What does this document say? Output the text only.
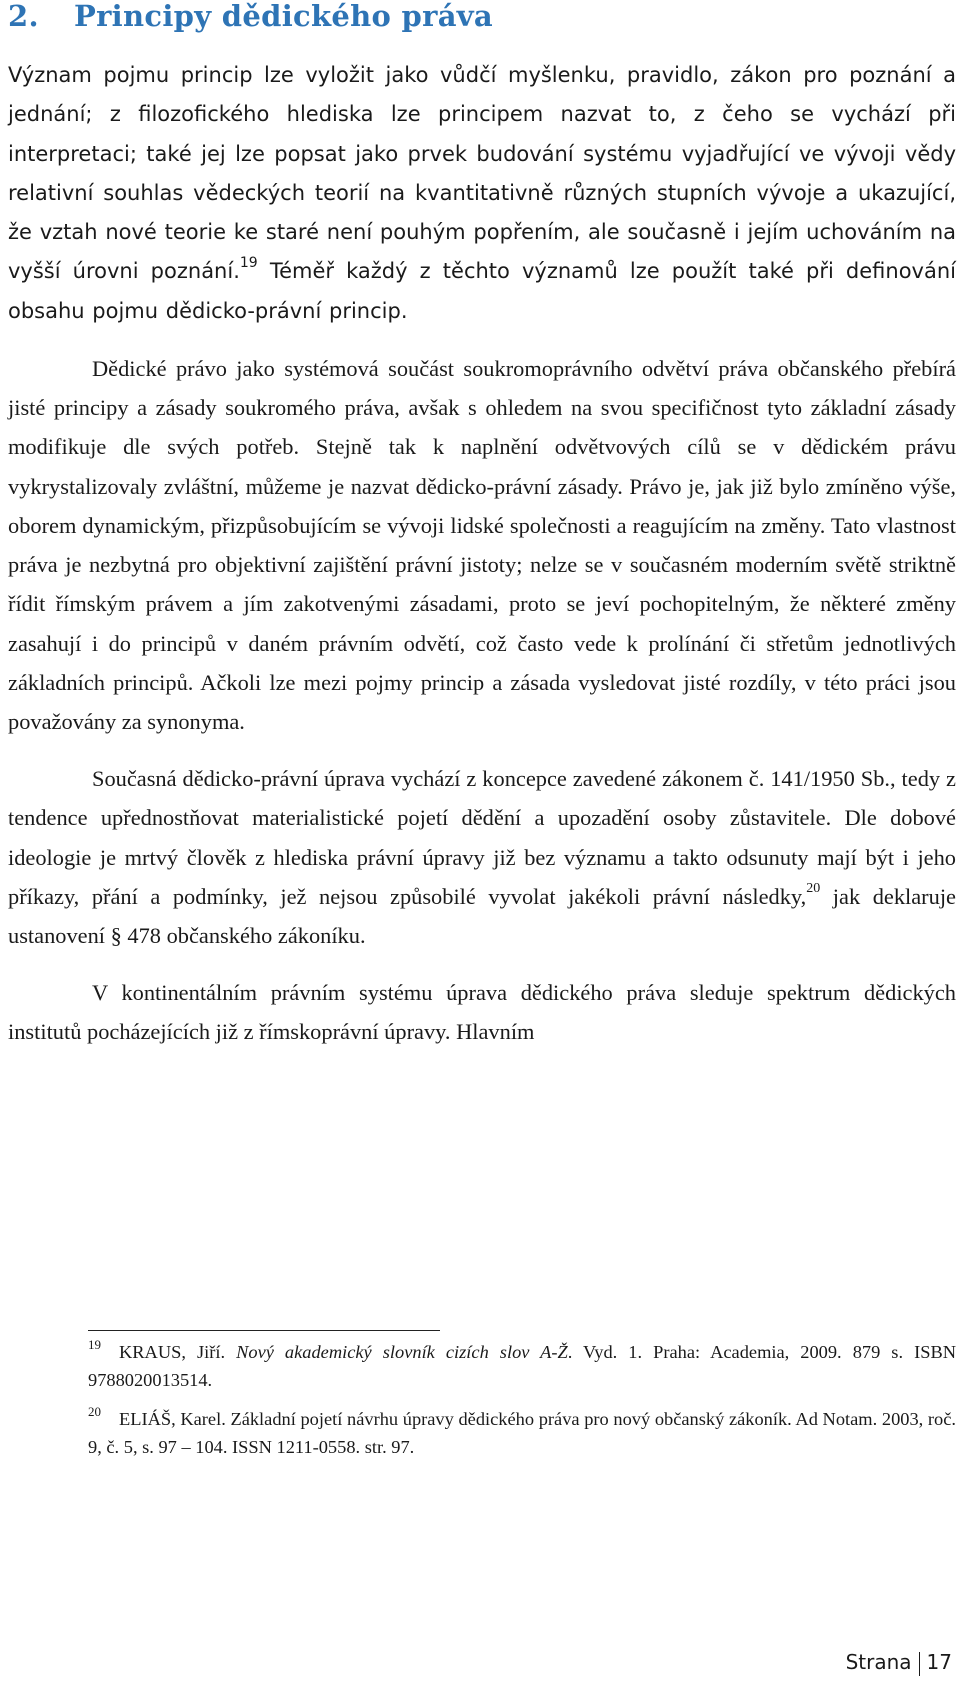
2. Principy dědického práva

Význam pojmu princip lze vyložit jako vůdčí myšlenku, pravidlo, zákon pro poznání a jednání; z filozofického hlediska lze principem nazvat to, z čeho se vychází při interpretaci; také jej lze popsat jako prvek budování systému vyjadřující ve vývoji vědy relativní souhlas vědeckých teorií na kvantitativně různých stupních vývoje a ukazující, že vztah nové teorie ke staré není pouhým popřením, ale současně i jejím uchováním na vyšší úrovni poznání.$^{19}$ Téměř každý z těchto významů lze použít také při definování obsahu pojmu dědicko-právní princip.

Dědické právo jako systémová součást soukromoprávního odvětví práva občanského přebírá jisté principy a zásady soukromého práva, avšak s ohledem na svou specifičnost tyto základní zásady modifikuje dle svých potřeb. Stejně tak k naplnění odvětvových cílů se v dědickém právu vykrystalizovaly zvláštní, můžeme je nazvat dědicko-právní zásady. Právo je, jak již bylo zmíněno výše, oborem dynamickým, přizpůsobujícím se vývoji lidské společnosti a reagujícím na změny. Tato vlastnost práva je nezbytná pro objektivní zajištění právní jistoty; nelze se v současném moderním světě striktně řídit římským právem a jím zakotvenými zásadami, proto se jeví pochopitelným, že některé změny zasahují i do principů v daném právním odvětí, což často vede k prolínání či střetům jednotlivých základních principů. Ačkoli lze mezi pojmy princip a zásada vysledovat jisté rozdíly, v této práci jsou považovány za synonyma.

Současná dědicko-právní úprava vychází z koncepce zavedené zákonem č. 141/1950 Sb., tedy z tendence upřednostňovat materialistické pojetí dědění a upozadění osoby zůstavitele. Dle dobové ideologie je mrtvý člověk z hlediska právní úpravy již bez významu a takto odsunuty mají být i jeho příkazy, přání a podmínky, jež nejsou způsobilé vyvolat jakékoli právní následky,$^{20}$ jak deklaruje ustanovení § 478 občanského zákoníku.

V kontinentálním právním systému úprava dědického práva sleduje spektrum dědických institutů pocházejících již z římskoprávní úpravy. Hlavním

$^{19}$ KRAUS, Jiří. Nový akademický slovník cizích slov A-Ž. Vyd. 1. Praha: Academia, 2009. 879 s. ISBN 9788020013514.

$^{20}$ ELIÁŠ, Karel. Základní pojetí návrhu úpravy dědického práva pro nový občanský zákoník. Ad Notam. 2003, roč. 9, č. 5, s. 97 – 104. ISSN 1211-0558. str. 97.

Strana 17
